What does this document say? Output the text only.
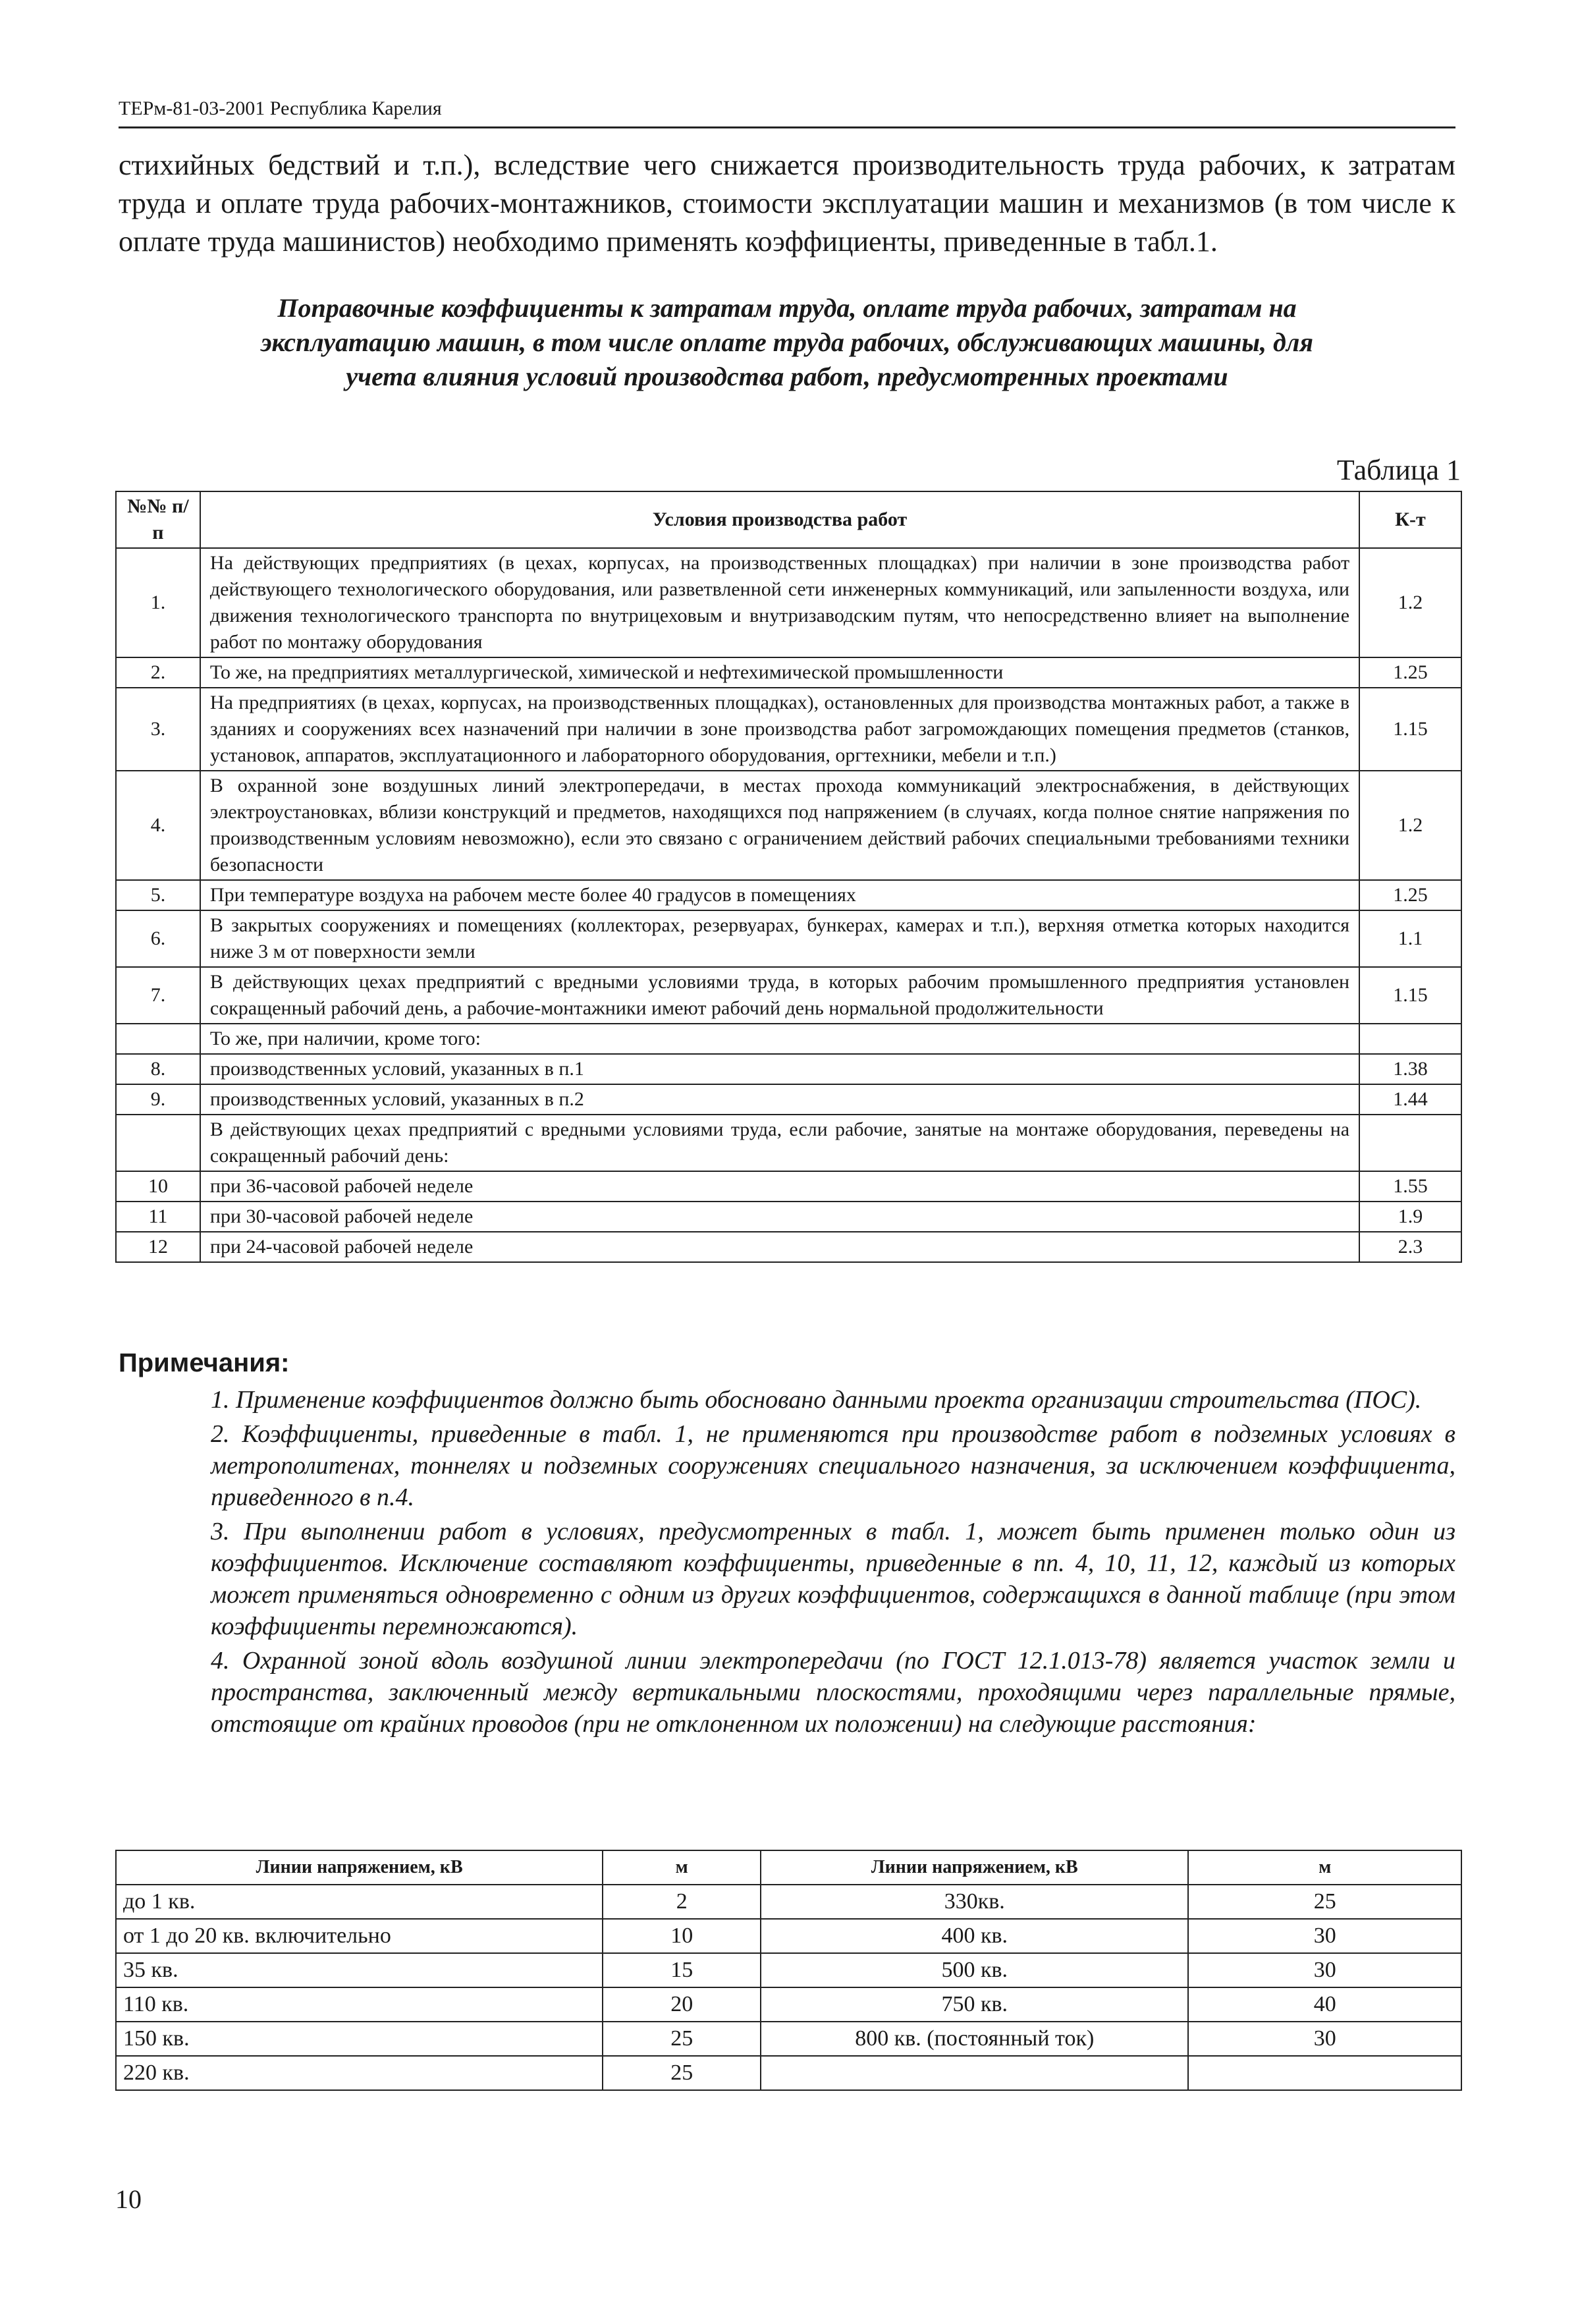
ТЕРм-81-03-2001 Республика Карелия
стихийных бедствий и т.п.), вследствие чего снижается производительность труда рабочих, к затратам труда и оплате труда рабочих-монтажников, стоимости эксплуатации машин и механизмов (в том числе к оплате труда машинистов) необходимо применять коэффициенты, приведенные в табл.1.
Поправочные коэффициенты к затратам труда, оплате труда рабочих, затратам на эксплуатацию машин, в том числе оплате труда рабочих, обслуживающих машины, для учета влияния условий производства работ, предусмотренных проектами
Таблица 1
№№ п/п	Условия производства работ	К-т
1.	На действующих предприятиях (в цехах, корпусах, на производственных площадках) при наличии в зоне производства работ действующего технологического оборудования, или разветвленной сети инженерных коммуникаций, или запыленности воздуха, или движения технологического транспорта по внутрицеховым и внутризаводским путям, что непосредственно влияет на выполнение работ по монтажу оборудования	1.2
2.	То же, на предприятиях металлургической, химической и нефтехимической промышленности	1.25
3.	На предприятиях (в цехах, корпусах, на производственных площадках), остановленных для производства монтажных работ, а также в зданиях и сооружениях всех назначений при наличии в зоне производства работ загромождающих помещения предметов (станков, установок, аппаратов, эксплуатационного и лабораторного оборудования, оргтехники, мебели и т.п.)	1.15
4.	В охранной зоне воздушных линий электропередачи, в местах прохода коммуникаций электроснабжения, в действующих электроустановках, вблизи конструкций и предметов, находящихся под напряжением (в случаях, когда полное снятие напряжения по производственным условиям невозможно), если это связано с ограничением действий рабочих специальными требованиями техники безопасности	1.2
5.	При температуре воздуха на рабочем месте более 40 градусов в помещениях	1.25
6.	В закрытых сооружениях и помещениях (коллекторах, резервуарах, бункерах, камерах и т.п.), верхняя отметка которых находится ниже 3 м от поверхности земли	1.1
7.	В действующих цехах предприятий с вредными условиями труда, в которых рабочим промышленного предприятия установлен сокращенный рабочий день, а рабочие-монтажники имеют рабочий день нормальной продолжительности	1.15
	То же, при наличии, кроме того:	
8.	производственных условий, указанных в п.1	1.38
9.	производственных условий, указанных в п.2	1.44
	В действующих цехах предприятий с вредными условиями труда, если рабочие, занятые на монтаже оборудования, переведены на сокращенный рабочий день:	
10	при 36-часовой рабочей неделе	1.55
11	при 30-часовой рабочей неделе	1.9
12	при 24-часовой рабочей неделе	2.3
Примечания:
1. Применение коэффициентов должно быть обосновано данными проекта организации строительства (ПОС).
2. Коэффициенты, приведенные в табл. 1, не применяются при производстве работ в подземных условиях в метрополитенах, тоннелях и подземных сооружениях специального назначения, за исключением коэффициента, приведенного в п.4.
3. При выполнении работ в условиях, предусмотренных в табл. 1, может быть применен только один из коэффициентов. Исключение составляют коэффициенты, приведенные в пп. 4, 10, 11, 12, каждый из которых может применяться одновременно с одним из других коэффициентов, содержащихся в данной таблице (при этом коэффициенты перемножаются).
4. Охранной зоной вдоль воздушной линии электропередачи (по ГОСТ 12.1.013-78) является участок земли и пространства, заключенный между вертикальными плоскостями, проходящими через параллельные прямые, отстоящие от крайних проводов (при не отклоненном их положении) на следующие расстояния:
Линии напряжением, кВ	м	Линии напряжением, кВ	м
до 1 кв.	2	330кв.	25
от 1 до 20 кв. включительно	10	400 кв.	30
35 кв.	15	500 кв.	30
110 кв.	20	750 кв.	40
150 кв.	25	800 кв. (постоянный ток)	30
220 кв.	25		
10
